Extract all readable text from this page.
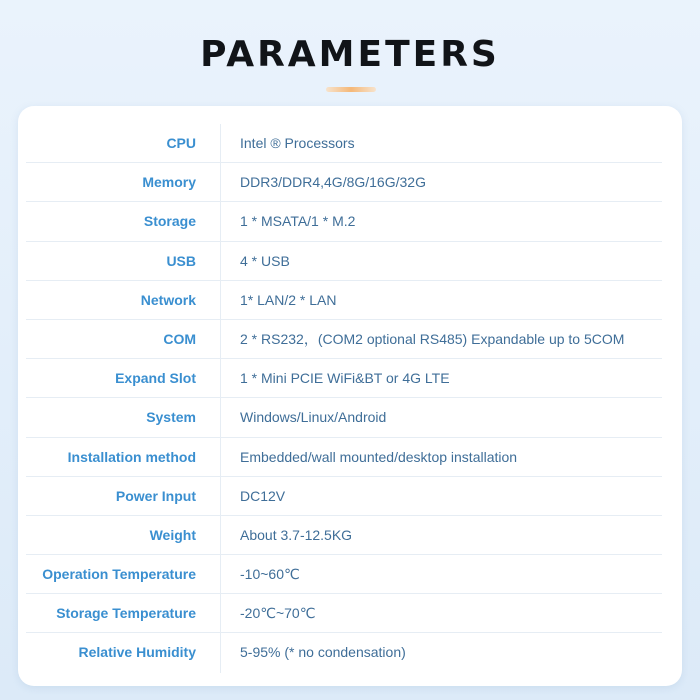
PARAMETERS
CPU	Intel ® Processors
Memory	DDR3/DDR4,4G/8G/16G/32G
Storage	1 * MSATA/1 * M.2
USB	4 * USB
Network	1* LAN/2 * LAN
COM	2 * RS232，(COM2 optional RS485) Expandable up to 5COM
Expand Slot	1 * Mini PCIE WiFi&BT or 4G LTE
System	Windows/Linux/Android
Installation method	Embedded/wall mounted/desktop installation
Power Input	DC12V
Weight	About 3.7-12.5KG
Operation Temperature	-10~60℃
Storage Temperature	-20℃~70℃
Relative Humidity	5-95% (* no condensation)
